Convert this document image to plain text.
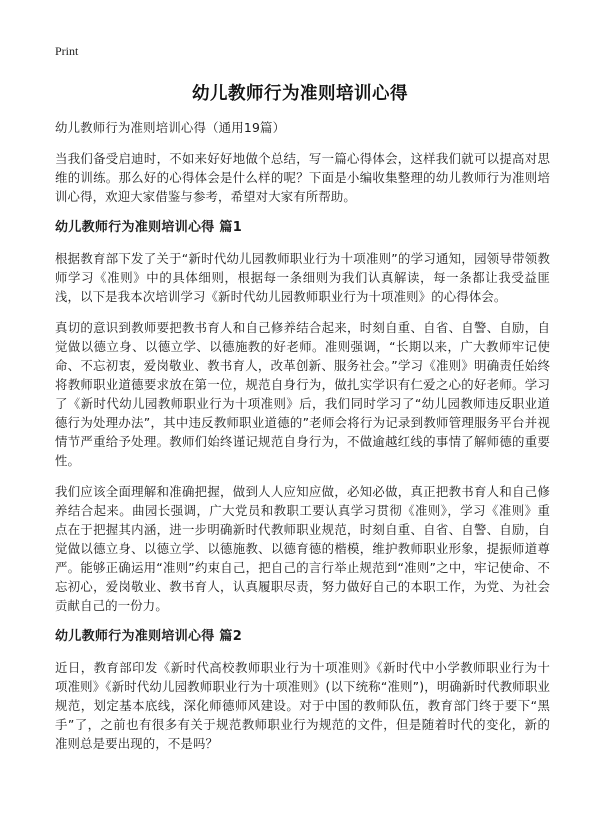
Print
幼儿教师行为准则培训心得

幼儿教师行为准则培训心得（通用19篇）

当我们备受启迪时，不如来好好地做个总结，写一篇心得体会，这样我们就可以提高对思维的训练。那么好的心得体会是什么样的呢？下面是小编收集整理的幼儿教师行为准则培训心得，欢迎大家借鉴与参考，希望对大家有所帮助。

幼儿教师行为准则培训心得 篇1

根据教育部下发了关于“新时代幼儿园教师职业行为十项准则”的学习通知，园领导带领教师学习《准则》中的具体细则，根据每一条细则为我们认真解读，每一条都让我受益匪浅，以下是我本次培训学习《新时代幼儿园教师职业行为十项准则》的心得体会。

真切的意识到教师要把教书育人和自己修养结合起来，时刻自重、自省、自警、自励，自觉做以德立身、以德立学、以德施教的好老师。准则强调，“长期以来，广大教师牢记使命、不忘初衷，爱岗敬业、教书育人，改革创新、服务社会。”学习《准则》明确责任始终将教师职业道德要求放在第一位，规范自身行为，做扎实学识有仁爱之心的好老师。学习了《新时代幼儿园教师职业行为十项准则》后，我们同时学习了“幼儿园教师违反职业道德行为处理办法”，其中违反教师职业道德的”老师会将行为记录到教师管理服务平台并视情节严重给予处理。教师们始终谨记规范自身行为，不做逾越红线的事情了解师德的重要性。

我们应该全面理解和准确把握，做到人人应知应做，必知必做，真正把教书育人和自己修养结合起来。曲园长强调，广大党员和教职工要认真学习贯彻《准则》，学习《准则》重点在于把握其内涵，进一步明确新时代教师职业规范，时刻自重、自省、自警、自励，自觉做以德立身、以德立学、以德施教、以德育德的楷模，维护教师职业形象，提振师道尊严。能够正确运用“准则”约束自己，把自己的言行举止规范到“准则”之中，牢记使命、不忘初心，爱岗敬业、教书育人，认真履职尽责，努力做好自己的本职工作，为党、为社会贡献自己的一份力。

幼儿教师行为准则培训心得 篇2

近日，教育部印发《新时代高校教师职业行为十项准则》《新时代中小学教师职业行为十项准则》《新时代幼儿园教师职业行为十项准则》(以下统称“准则”)，明确新时代教师职业规范，划定基本底线，深化师德师风建设。对于中国的教师队伍，教育部门终于要下“黑手”了，之前也有很多有关于规范教师职业行为规范的文件，但是随着时代的变化，新的准则总是要出现的，不是吗？
